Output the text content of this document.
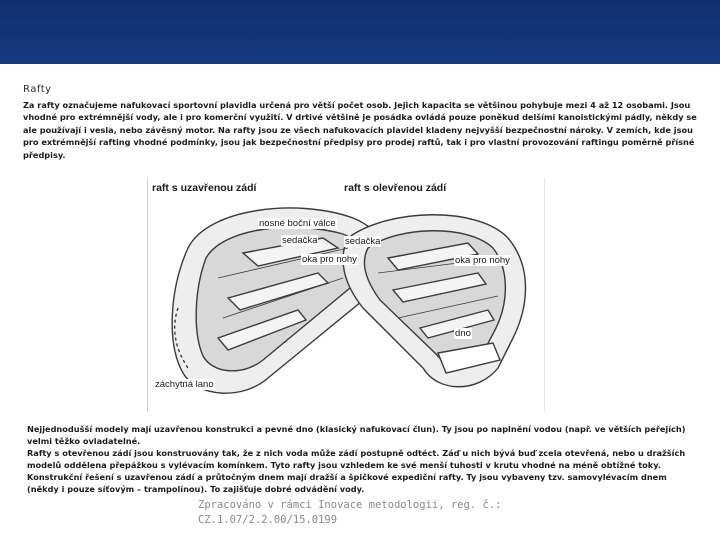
Rafty

Za rafty označujeme nafukovací sportovní plavidla určená pro větší počet osob. Jejich kapacita se většinou pohybuje mezi 4 až 12 osobami. Jsou vhodné pro extrémnější vody, ale i pro komerční využití. V drtivé většině je posádka ovládá pouze poněkud delšími kanoistickými pádly, někdy se ale používají i vesla, nebo závěsný motor. Na rafty jsou ze všech nafukovacích plavidel kladeny nejvyšší bezpečnostní nároky. V zemích, kde jsou pro extrémnější rafting vhodné podmínky, jsou jak bezpečnostní předpisy pro prodej raftů, tak i pro vlastní provozování raftingu poměrně přísné předpisy.

raft s uzavřenou zádí	raft s olevřenou zádí
nosné boční válce
sedačka
oka pro nohy
sedačka
oka pro nohy
dno
záchytná lano

Nejjednodušší modely mají uzavřenou konstrukci a pevné dno (klasický nafukovací člun). Ty jsou po naplnění vodou (např. ve větších peřejích) velmi těžko ovladatelné.

Rafty s otevřenou zádí jsou konstruovány tak, že z nich voda může zádí postupně odtéct. Záď u nich bývá buď zcela otevřená, nebo u dražších modelů oddělena přepážkou s vylévacím komínkem. Tyto rafty jsou vzhledem ke své menší tuhosti v krutu vhodné na méně obtížné toky.

Konstrukční řešení s uzavřenou zádí a průtočným dnem mají dražší a špičkové expediční rafty. Ty jsou vybaveny tzv. samovylévacím dnem (někdy i pouze síťovým – trampolínou). To zajišťuje dobré odvádění vody.

Zpracováno v rámci Inovace metodologii, reg. č.:
CZ.1.07/2.2.00/15.0199
